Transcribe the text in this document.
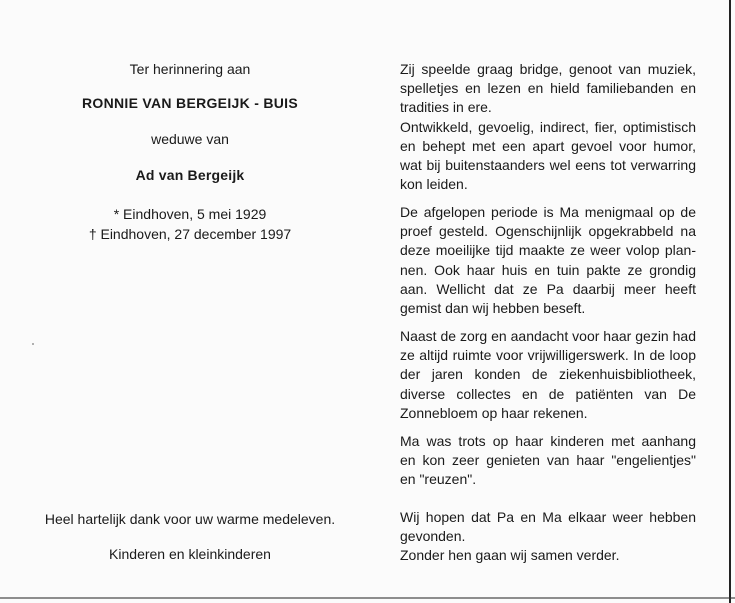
Ter herinnering aan
RONNIE VAN BERGEIJK - BUIS
weduwe van
Ad van Bergeijk
* Eindhoven, 5 mei 1929
† Eindhoven, 27 december 1997
Heel hartelijk dank voor uw warme medeleven.
Kinderen en kleinkinderen
Zij speelde graag bridge, genoot van muziek,
spelletjes en lezen en hield familiebanden en
tradities in ere.
Ontwikkeld, gevoelig, indirect, fier, optimistisch
en behept met een apart gevoel voor humor,
wat bij buitenstaanders wel eens tot verwarring
kon leiden.
De afgelopen periode is Ma menigmaal op de
proef gesteld. Ogenschijnlijk opgekrabbeld na
deze moeilijke tijd maakte ze weer volop plan-
nen. Ook haar huis en tuin pakte ze grondig
aan. Wellicht dat ze Pa daarbij meer heeft
gemist dan wij hebben beseft.
Naast de zorg en aandacht voor haar gezin had
ze altijd ruimte voor vrijwilligerswerk. In de loop
der jaren konden de ziekenhuisbibliotheek,
diverse collectes en de patiënten van De
Zonnebloem op haar rekenen.
Ma was trots op haar kinderen met aanhang
en kon zeer genieten van haar "engelientjes"
en "reuzen".
Wij hopen dat Pa en Ma elkaar weer hebben
gevonden.
Zonder hen gaan wij samen verder.
